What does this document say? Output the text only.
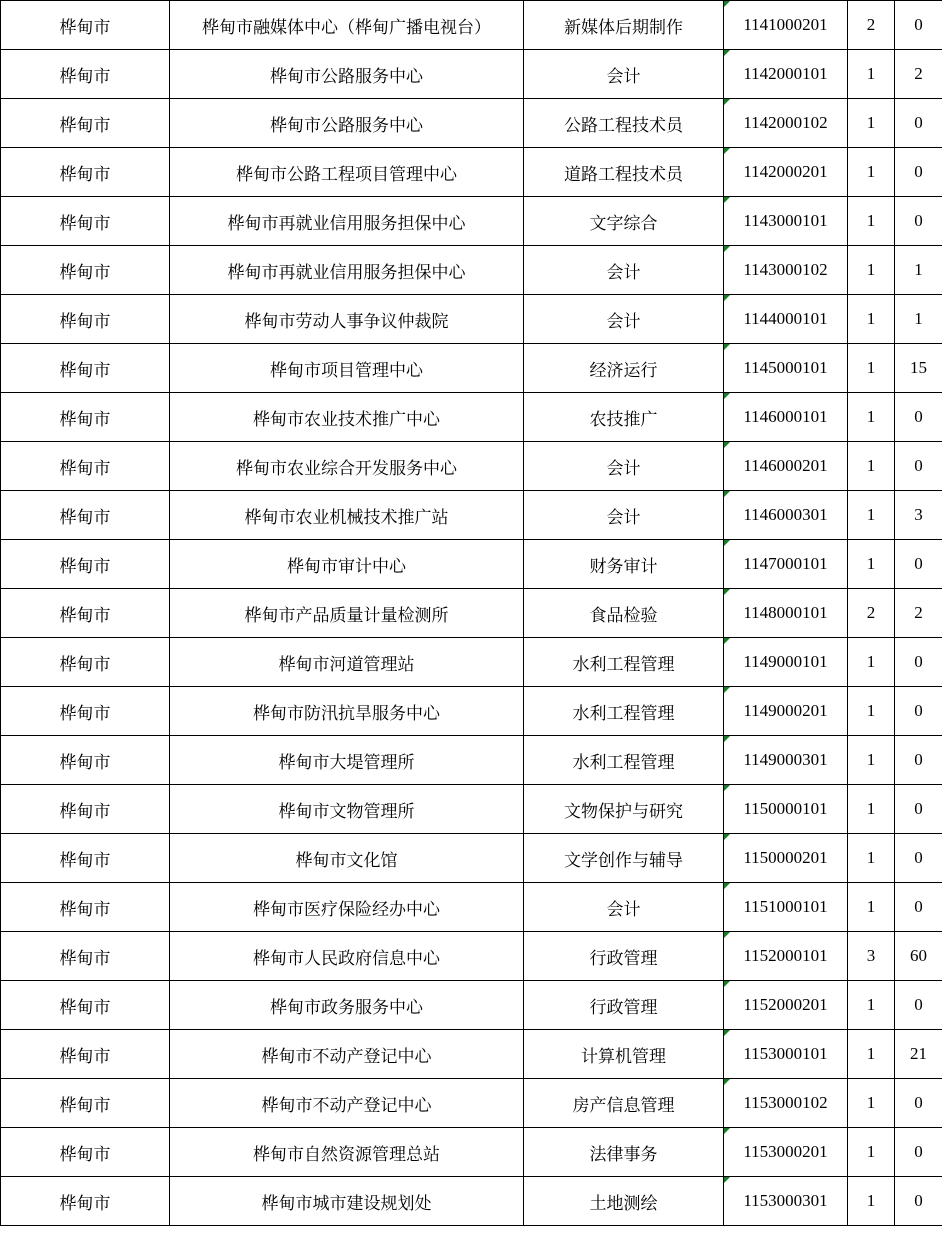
桦甸市	桦甸市融媒体中心（桦甸广播电视台）	新媒体后期制作	1141000201	2	0
桦甸市	桦甸市公路服务中心	会计	1142000101	1	2
桦甸市	桦甸市公路服务中心	公路工程技术员	1142000102	1	0
桦甸市	桦甸市公路工程项目管理中心	道路工程技术员	1142000201	1	0
桦甸市	桦甸市再就业信用服务担保中心	文字综合	1143000101	1	0
桦甸市	桦甸市再就业信用服务担保中心	会计	1143000102	1	1
桦甸市	桦甸市劳动人事争议仲裁院	会计	1144000101	1	1
桦甸市	桦甸市项目管理中心	经济运行	1145000101	1	15
桦甸市	桦甸市农业技术推广中心	农技推广	1146000101	1	0
桦甸市	桦甸市农业综合开发服务中心	会计	1146000201	1	0
桦甸市	桦甸市农业机械技术推广站	会计	1146000301	1	3
桦甸市	桦甸市审计中心	财务审计	1147000101	1	0
桦甸市	桦甸市产品质量计量检测所	食品检验	1148000101	2	2
桦甸市	桦甸市河道管理站	水利工程管理	1149000101	1	0
桦甸市	桦甸市防汛抗旱服务中心	水利工程管理	1149000201	1	0
桦甸市	桦甸市大堤管理所	水利工程管理	1149000301	1	0
桦甸市	桦甸市文物管理所	文物保护与研究	1150000101	1	0
桦甸市	桦甸市文化馆	文学创作与辅导	1150000201	1	0
桦甸市	桦甸市医疗保险经办中心	会计	1151000101	1	0
桦甸市	桦甸市人民政府信息中心	行政管理	1152000101	3	60
桦甸市	桦甸市政务服务中心	行政管理	1152000201	1	0
桦甸市	桦甸市不动产登记中心	计算机管理	1153000101	1	21
桦甸市	桦甸市不动产登记中心	房产信息管理	1153000102	1	0
桦甸市	桦甸市自然资源管理总站	法律事务	1153000201	1	0
桦甸市	桦甸市城市建设规划处	土地测绘	1153000301	1	0
